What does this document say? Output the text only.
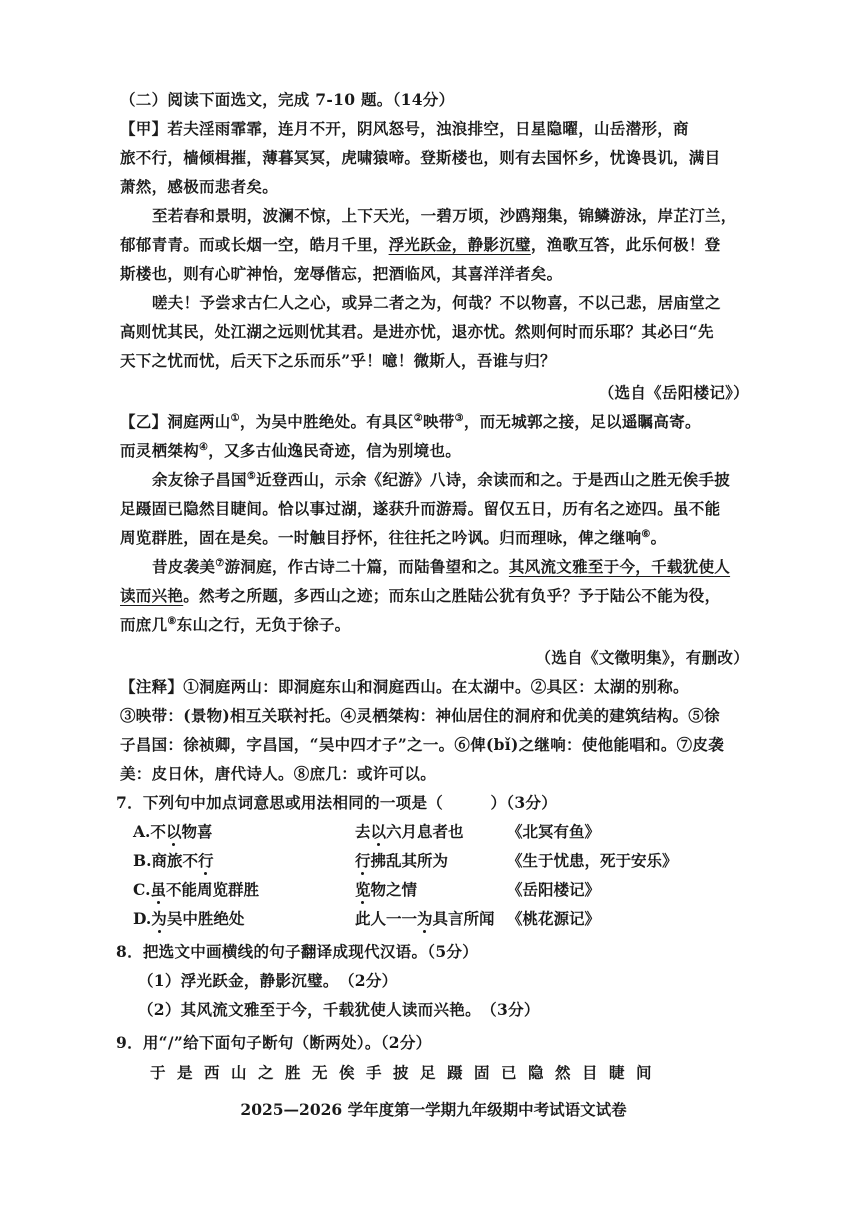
（二）阅读下面选文，完成 7-10 题。（14分）
【甲】若夫淫雨霏霏，连月不开，阴风怒号，浊浪排空，日星隐曜，山岳潜形，商
旅不行，樯倾楫摧，薄暮冥冥，虎啸猿啼。登斯楼也，则有去国怀乡，忧谗畏讥，满目
萧然，感极而悲者矣。
至若春和景明，波澜不惊，上下天光，一碧万顷，沙鸥翔集，锦鳞游泳，岸芷汀兰，
郁郁青青。而或长烟一空，皓月千里，浮光跃金，静影沉璧，渔歌互答，此乐何极！登
斯楼也，则有心旷神怡，宠辱偕忘，把酒临风，其喜洋洋者矣。
嗟夫！予尝求古仁人之心，或异二者之为，何哉？不以物喜，不以己悲，居庙堂之
高则忧其民，处江湖之远则忧其君。是进亦忧，退亦忧。然则何时而乐耶？其必曰“先
天下之忧而忧，后天下之乐而乐”乎！噫！微斯人，吾谁与归？
（选自《岳阳楼记》）
【乙】洞庭两山①，为吴中胜绝处。有具区②映带③，而无城郭之接，足以遥瞩高寄。
而灵栖桀构④，又多古仙逸民奇迹，信为别境也。
余友徐子昌国⑤近登西山，示余《纪游》八诗，余读而和之。于是西山之胜无俟手披
足蹑固已隐然目睫间。恰以事过湖，遂获升而游焉。留仅五日，历有名之迹四。虽不能
周览群胜，固在是矣。一时触目抒怀，往往托之吟讽。归而理咏，俾之继响⑥。
昔皮袭美⑦游洞庭，作古诗二十篇，而陆鲁望和之。其风流文雅至于今，千载犹使人
读而兴艳。然考之所题，多西山之迹；而东山之胜陆公犹有负乎？予于陆公不能为役，
而庶几⑧东山之行，无负于徐子。
（选自《文徵明集》，有删改）
【注释】①洞庭两山：即洞庭东山和洞庭西山。在太湖中。②具区：太湖的别称。
③映带：(景物)相互关联衬托。④灵栖桀构：神仙居住的洞府和优美的建筑结构。⑤徐
子昌国：徐祯卿，字昌国，“吴中四才子”之一。⑥俾(bǐ)之继响：使他能唱和。⑦皮袭
美：皮日休，唐代诗人。⑧庶几：或许可以。
7．下列句中加点词意思或用法相同的一项是（　　　）（3分）
A.不以物喜	去以六月息者也	《北冥有鱼》
B.商旅不行	行拂乱其所为	《生于忧患，死于安乐》
C.虽不能周览群胜	览物之情	《岳阳楼记》
D.为吴中胜绝处	此人一一为具言所闻 《桃花源记》
8．把选文中画横线的句子翻译成现代汉语。（5分）
（1）浮光跃金，静影沉璧。　（2分）
（2）其风流文雅至于今，千载犹使人读而兴艳。　（3分）
9．用“/”给下面句子断句（断两处）。（2分）
于是西山之胜无俟手披足蹑固已隐然目睫间
2025—2026 学年度第一学期九年级期中考试语文试卷
